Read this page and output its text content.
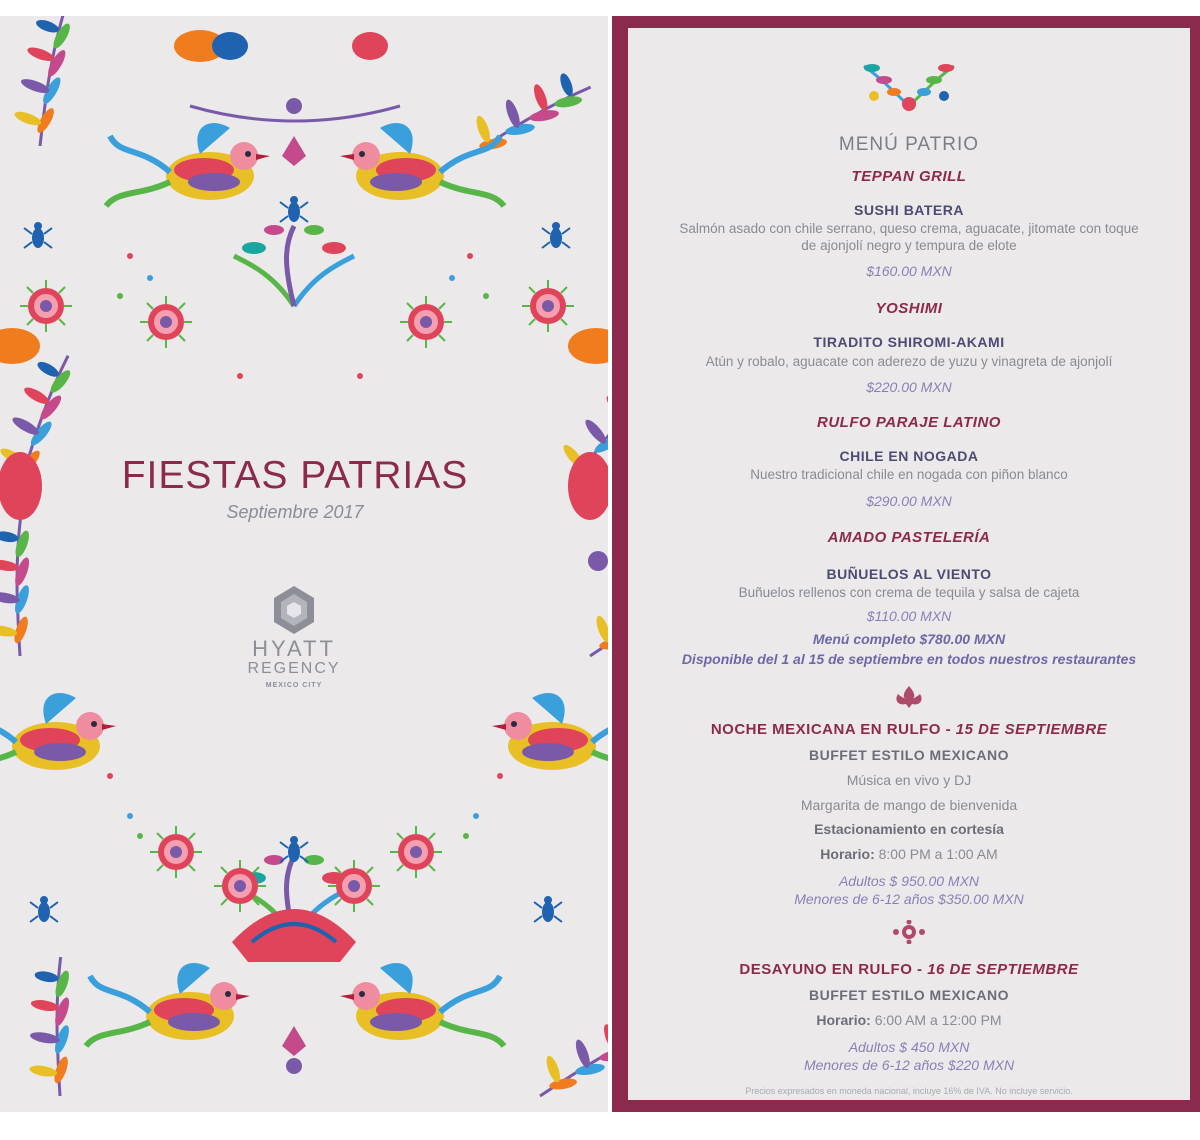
FIESTAS PATRIAS
Septiembre 2017
HYATT
REGENCY
MEXICO CITY
MENÚ PATRIO
TEPPAN GRILL
SUSHI BATERA
Salmón asado con chile serrano, queso crema, aguacate, jitomate con toque
de ajonjolí negro y tempura de elote
$160.00 MXN
YOSHIMI
TIRADITO SHIROMI-AKAMI
Atún y robalo, aguacate con aderezo de yuzu y vinagreta de ajonjolí
$220.00 MXN
RULFO PARAJE LATINO
CHILE EN NOGADA
Nuestro tradicional chile en nogada con piñon blanco
$290.00 MXN
AMADO PASTELERÍA
BUÑUELOS AL VIENTO
Buñuelos rellenos con crema de tequila y salsa de cajeta
$110.00 MXN
Menú completo $780.00 MXN
Disponible del 1 al 15 de septiembre en todos nuestros restaurantes
NOCHE MEXICANA EN RULFO - 15 DE SEPTIEMBRE
BUFFET ESTILO MEXICANO
Música en vivo y DJ
Margarita de mango de bienvenida
Estacionamiento en cortesía
Horario: 8:00 PM a 1:00 AM
Adultos $ 950.00 MXN
Menores de 6-12 años $350.00 MXN
DESAYUNO EN RULFO - 16 DE SEPTIEMBRE
BUFFET ESTILO MEXICANO
Horario: 6:00 AM a 12:00 PM
Adultos $ 450 MXN
Menores de 6-12 años $220 MXN
Precios expresados en moneda nacional, incluye 16% de IVA. No incluye servicio.
